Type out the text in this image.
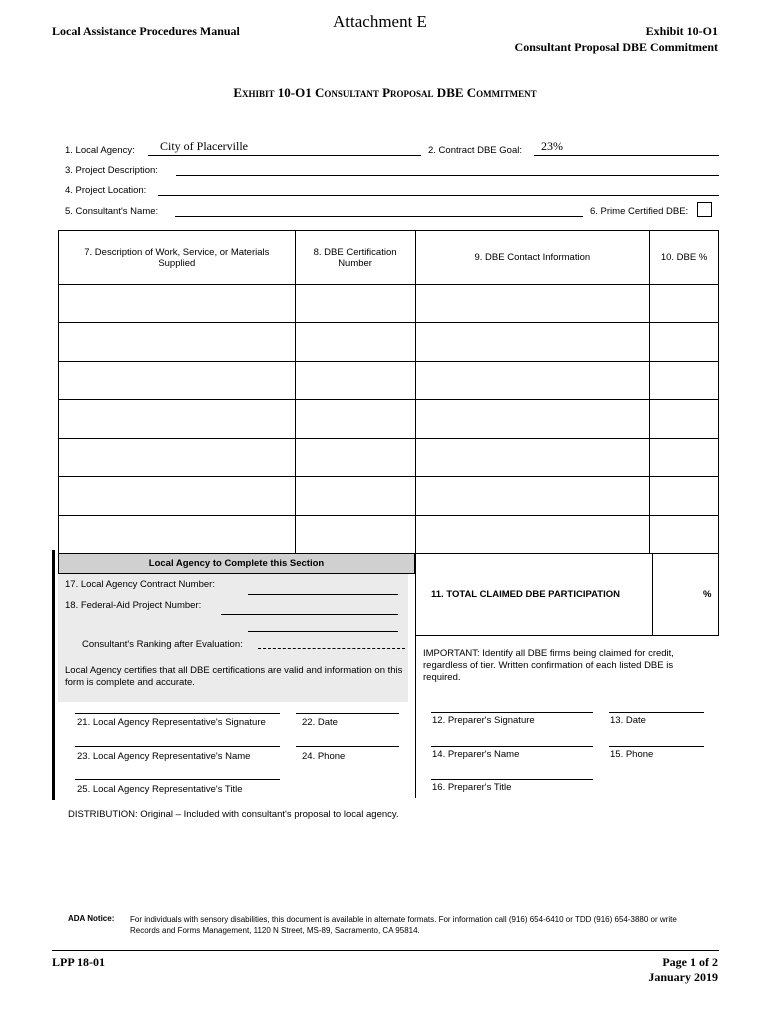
Local Assistance Procedures Manual	Attachment E	Exhibit 10-O1
Consultant Proposal DBE Commitment
Exhibit 10-O1 Consultant Proposal DBE Commitment
1. Local Agency: City of Placerville	2. Contract DBE Goal: 23%
3. Project Description:
4. Project Location:
5. Consultant's Name:	6. Prime Certified DBE:
7. Description of Work, Service, or Materials Supplied	8. DBE Certification Number	9. DBE Contact Information	10. DBE %

Local Agency to Complete this Section
17. Local Agency Contract Number:
18. Federal-Aid Project Number:
Consultant's Ranking after Evaluation:
Local Agency certifies that all DBE certifications are valid and information on this form is complete and accurate.
21. Local Agency Representative's Signature	22. Date
23. Local Agency Representative's Name	24. Phone
25. Local Agency Representative's Title
11. TOTAL CLAIMED DBE PARTICIPATION	%
IMPORTANT: Identify all DBE firms being claimed for credit, regardless of tier. Written confirmation of each listed DBE is required.
12. Preparer's Signature	13. Date
14. Preparer's Name	15. Phone
16. Preparer's Title
DISTRIBUTION: Original – Included with consultant's proposal to local agency.
ADA Notice: For individuals with sensory disabilities, this document is available in alternate formats. For information call (916) 654-6410 or TDD (916) 654-3880 or write Records and Forms Management, 1120 N Street, MS-89, Sacramento, CA 95814.
LPP 18-01	Page 1 of 2
January 2019
